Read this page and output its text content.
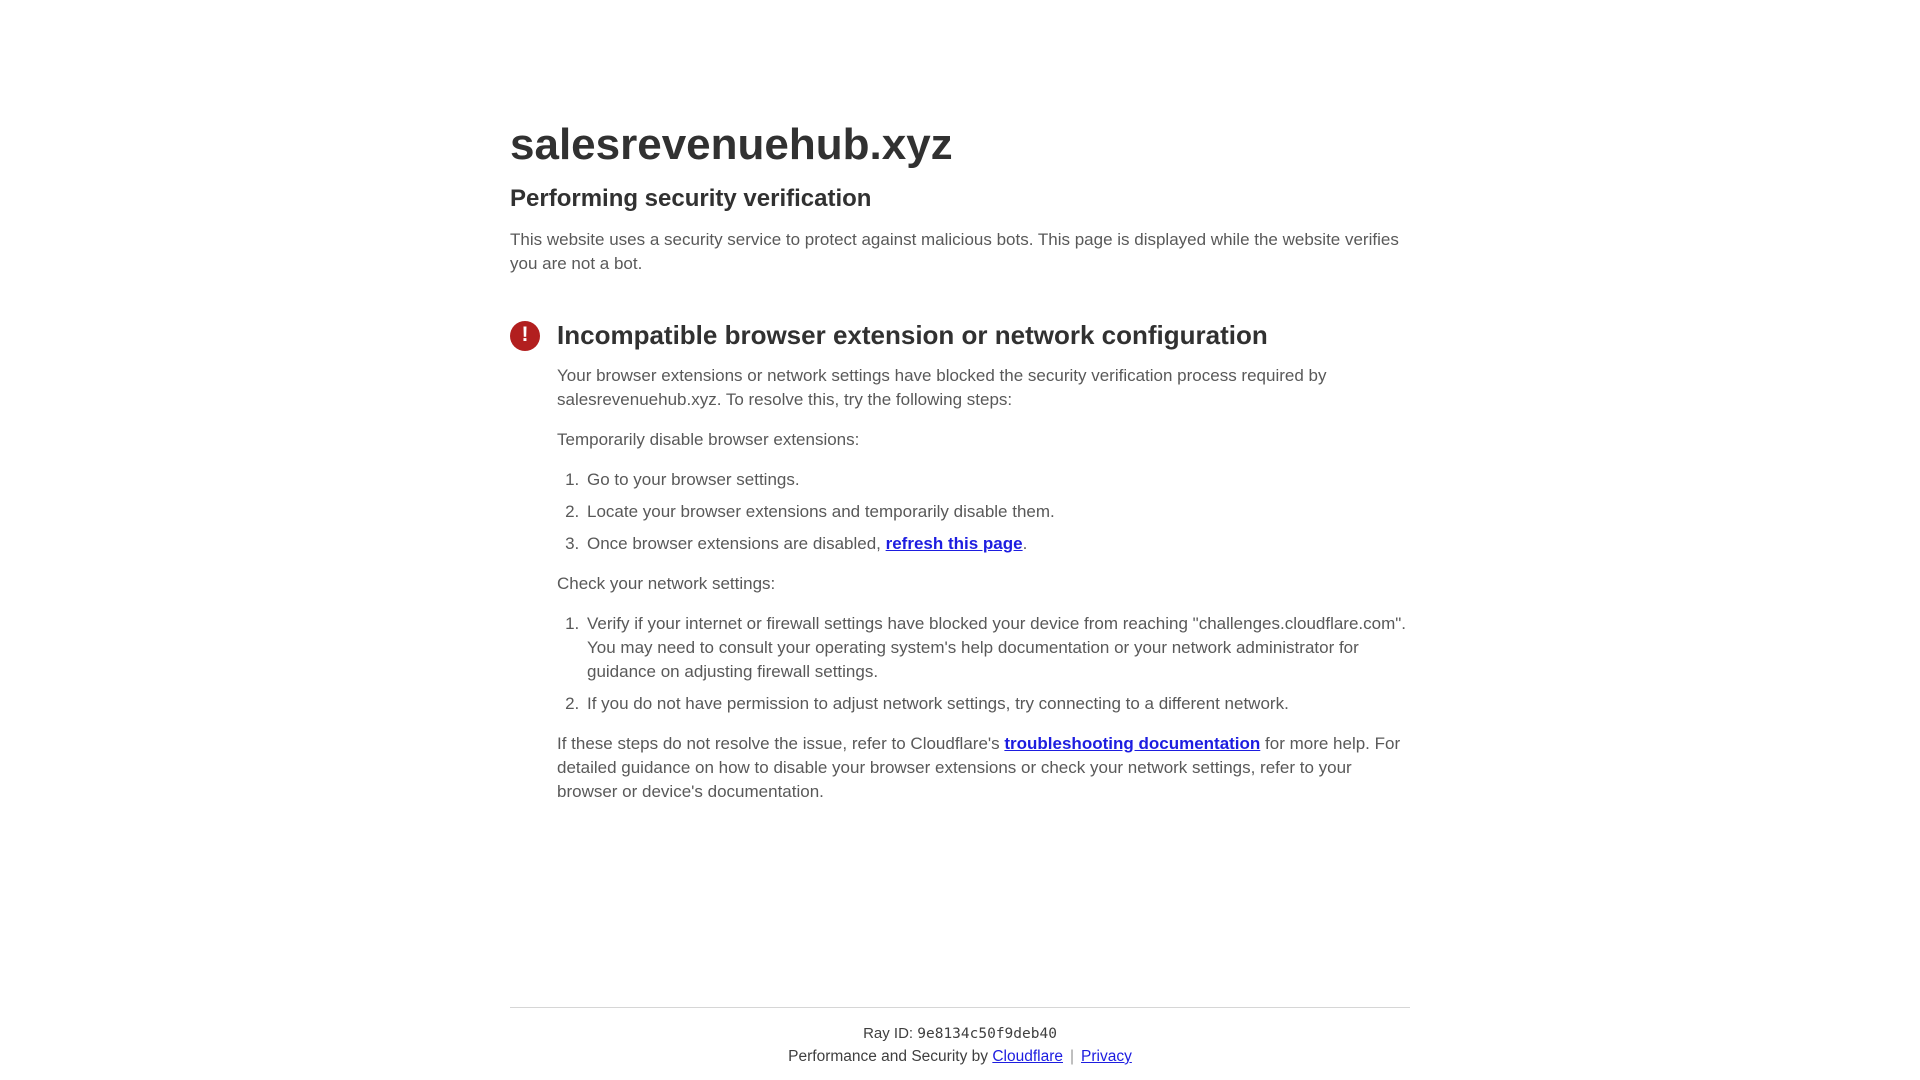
salesrevenuehub.xyz
Performing security verification

This website uses a security service to protect against malicious bots. This page is displayed while the website verifies you are not a bot.

!	Incompatible browser extension or network configuration

Your browser extensions or network settings have blocked the security verification process required by salesrevenuehub.xyz. To resolve this, try the following steps:

Temporarily disable browser extensions:

1. Go to your browser settings.
2. Locate your browser extensions and temporarily disable them.
3. Once browser extensions are disabled, refresh this page.

Check your network settings:

1. Verify if your internet or firewall settings have blocked your device from reaching "challenges.cloudflare.com". You may need to consult your operating system's help documentation or your network administrator for guidance on adjusting firewall settings.
2. If you do not have permission to adjust network settings, try connecting to a different network.

If these steps do not resolve the issue, refer to Cloudflare's troubleshooting documentation for more help. For detailed guidance on how to disable your browser extensions or check your network settings, refer to your browser or device's documentation.

Ray ID: 9e8134c50f9deb40
Performance and Security by Cloudflare | Privacy
